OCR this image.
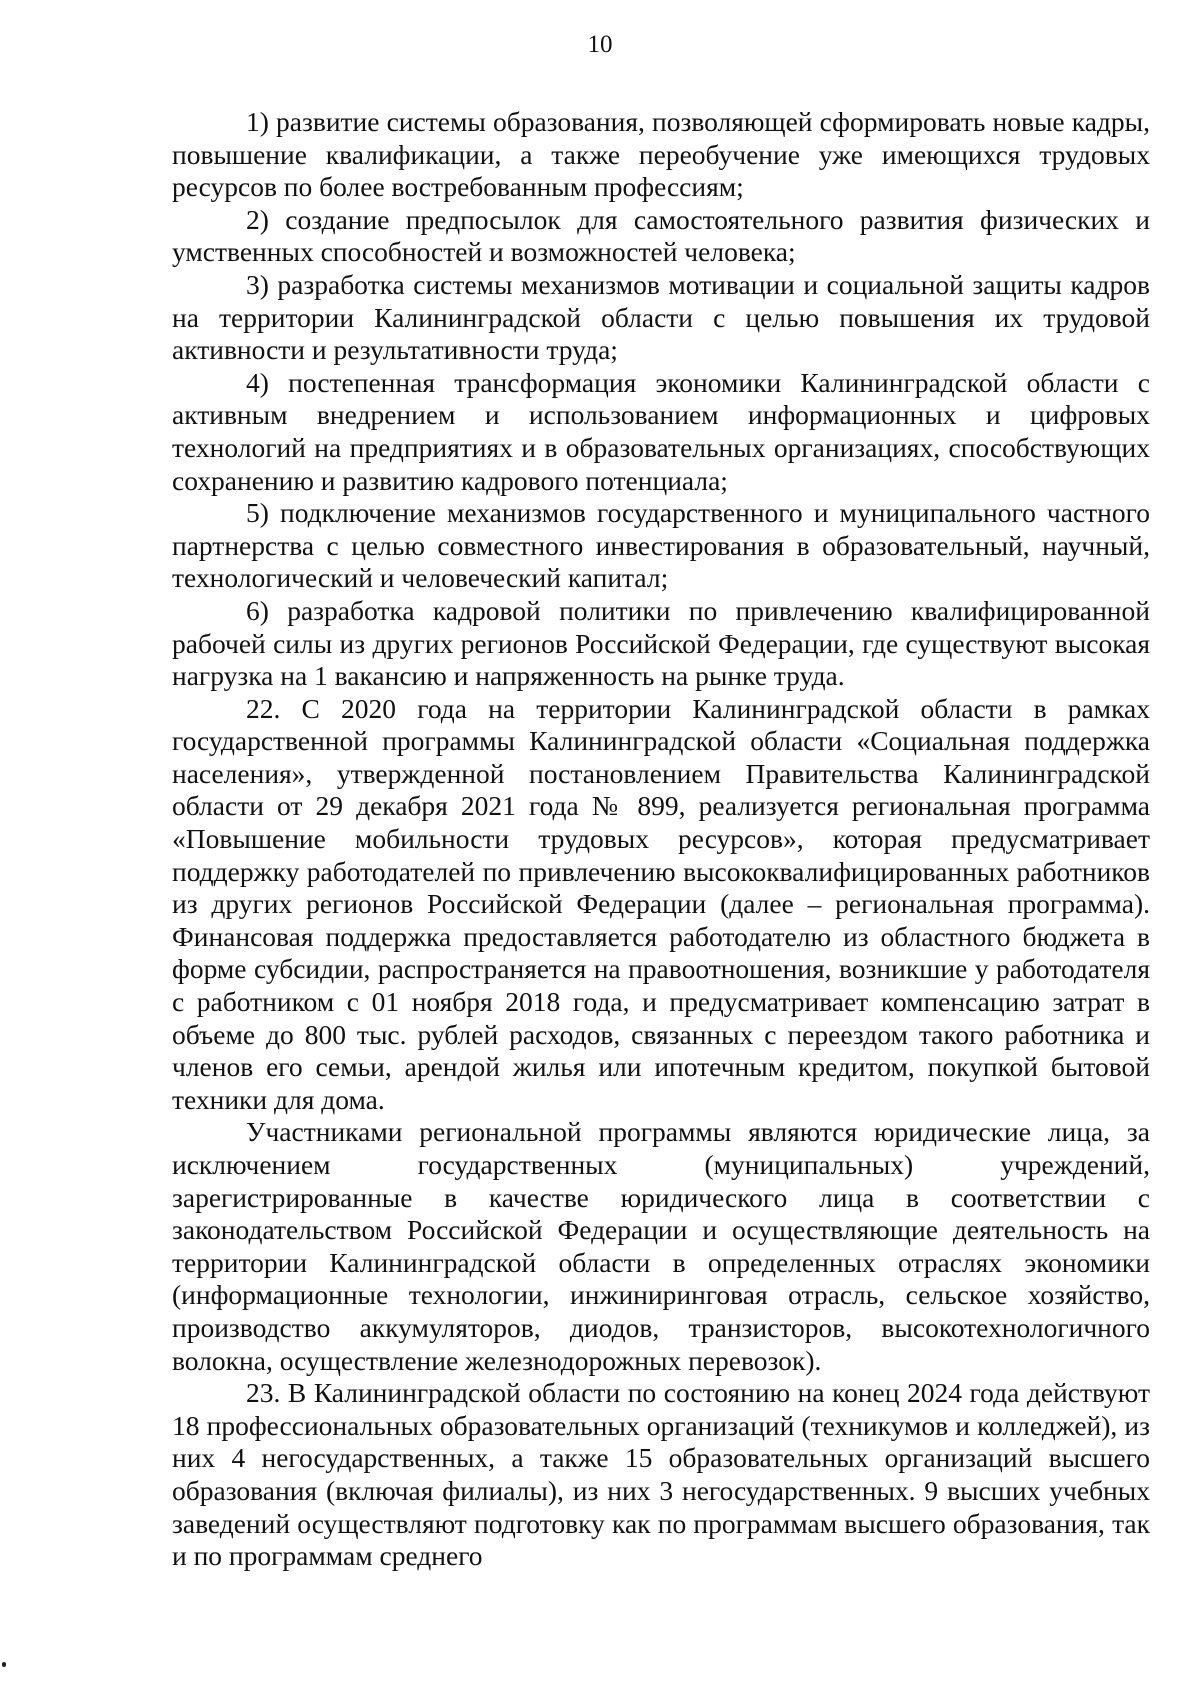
10

1) развитие системы образования, позволяющей сформировать новые кадры, повышение квалификации, а также переобучение уже имеющихся трудовых ресурсов по более востребованным профессиям;

2) создание предпосылок для самостоятельного развития физических и умственных способностей и возможностей человека;

3) разработка системы механизмов мотивации и социальной защиты кадров на территории Калининградской области с целью повышения их трудовой активности и результативности труда;

4) постепенная трансформация экономики Калининградской области с активным внедрением и использованием информационных и цифровых технологий на предприятиях и в образовательных организациях, способствующих сохранению и развитию кадрового потенциала;

5) подключение механизмов государственного и муниципального частного партнерства с целью совместного инвестирования в образовательный, научный, технологический и человеческий капитал;

6) разработка кадровой политики по привлечению квалифицированной рабочей силы из других регионов Российской Федерации, где существуют высокая нагрузка на 1 вакансию и напряженность на рынке труда.

22. С 2020 года на территории Калининградской области в рамках государственной программы Калининградской области «Социальная поддержка населения», утвержденной постановлением Правительства Калининградской области от 29 декабря 2021 года № 899, реализуется региональная программа «Повышение мобильности трудовых ресурсов», которая предусматривает поддержку работодателей по привлечению высококвалифицированных работников из других регионов Российской Федерации (далее – региональная программа). Финансовая поддержка предоставляется работодателю из областного бюджета в форме субсидии, распространяется на правоотношения, возникшие у работодателя с работником с 01 ноября 2018 года, и предусматривает компенсацию затрат в объеме до 800 тыс. рублей расходов, связанных с переездом такого работника и членов его семьи, арендой жилья или ипотечным кредитом, покупкой бытовой техники для дома.

Участниками региональной программы являются юридические лица, за исключением государственных (муниципальных) учреждений, зарегистрированные в качестве юридического лица в соответствии с законодательством Российской Федерации и осуществляющие деятельность на территории Калининградской области в определенных отраслях экономики (информационные технологии, инжиниринговая отрасль, сельское хозяйство, производство аккумуляторов, диодов, транзисторов, высокотехнологичного волокна, осуществление железнодорожных перевозок).

23. В Калининградской области по состоянию на конец 2024 года действуют 18 профессиональных образовательных организаций (техникумов и колледжей), из них 4 негосударственных, а также 15 образовательных организаций высшего образования (включая филиалы), из них 3 негосударственных. 9 высших учебных заведений осуществляют подготовку как по программам высшего образования, так и по программам среднего
